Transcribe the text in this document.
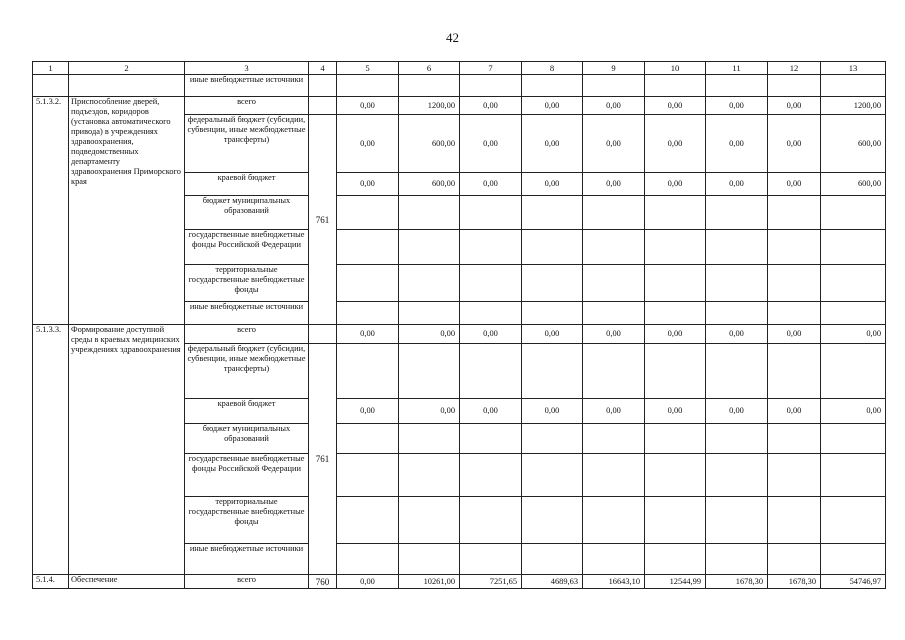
42
1	2	3	4	5	6	7	8	9	10	11	12	13
		иные внебюджетные источники										
5.1.3.2.	Приспособление дверей, подъездов, коридоров (установка автоматического привода) в учреждениях здравоохранения, подведомственных департаменту здравоохранения Приморского края	всего		0,00	1200,00	0,00	0,00	0,00	0,00	0,00	0,00	1200,00
		федеральный бюджет (субсидии, субвенции, иные межбюджетные трансферты)	761	0,00	600,00	0,00	0,00	0,00	0,00	0,00	0,00	600,00
		краевой бюджет		0,00	600,00	0,00	0,00	0,00	0,00	0,00	0,00	600,00
		бюджет муниципальных образований										
		государственные внебюджетные фонды Российской Федерации										
		территориальные государственные внебюджетные фонды										
		иные внебюджетные источники										
5.1.3.3.	Формирование доступной среды в краевых медицинских учреждениях здравоохранения	всего		0,00	0,00	0,00	0,00	0,00	0,00	0,00	0,00	0,00
		федеральный бюджет (субсидии, субвенции, иные межбюджетные трансферты)	761									
		краевой бюджет		0,00	0,00	0,00	0,00	0,00	0,00	0,00	0,00	0,00
		бюджет муниципальных образований										
		государственные внебюджетные фонды Российской Федерации										
		территориальные государственные внебюджетные фонды										
		иные внебюджетные источники										
5.1.4.	Обеспечение	всего	760	0,00	10261,00	7251,65	4689,63	16643,10	12544,99	1678,30	1678,30	54746,97
